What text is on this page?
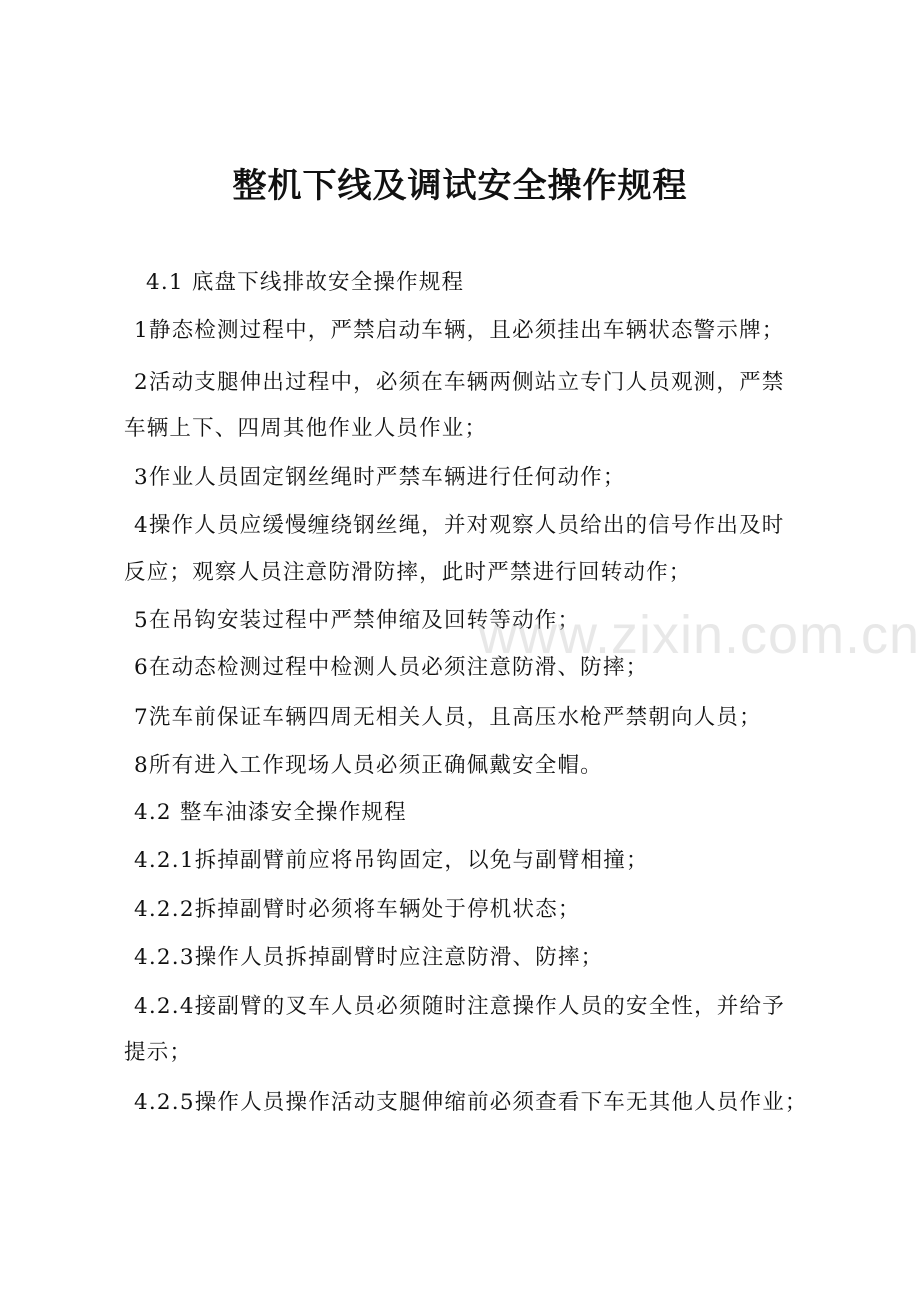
整机下线及调试安全操作规程
4.1 底盘下线排故安全操作规程
1静态检测过程中，严禁启动车辆，且必须挂出车辆状态警示牌；
2活动支腿伸出过程中，必须在车辆两侧站立专门人员观测，严禁
车辆上下、四周其他作业人员作业；
3作业人员固定钢丝绳时严禁车辆进行任何动作；
4操作人员应缓慢缠绕钢丝绳，并对观察人员给出的信号作出及时
反应；观察人员注意防滑防摔，此时严禁进行回转动作；
5在吊钩安装过程中严禁伸缩及回转等动作；
6在动态检测过程中检测人员必须注意防滑、防摔；
7洗车前保证车辆四周无相关人员，且高压水枪严禁朝向人员；
8所有进入工作现场人员必须正确佩戴安全帽。
4.2 整车油漆安全操作规程
4.2.1拆掉副臂前应将吊钩固定，以免与副臂相撞；
4.2.2拆掉副臂时必须将车辆处于停机状态；
4.2.3操作人员拆掉副臂时应注意防滑、防摔；
4.2.4接副臂的叉车人员必须随时注意操作人员的安全性，并给予
提示；
4.2.5操作人员操作活动支腿伸缩前必须查看下车无其他人员作业；
www.zixin.com.cn
